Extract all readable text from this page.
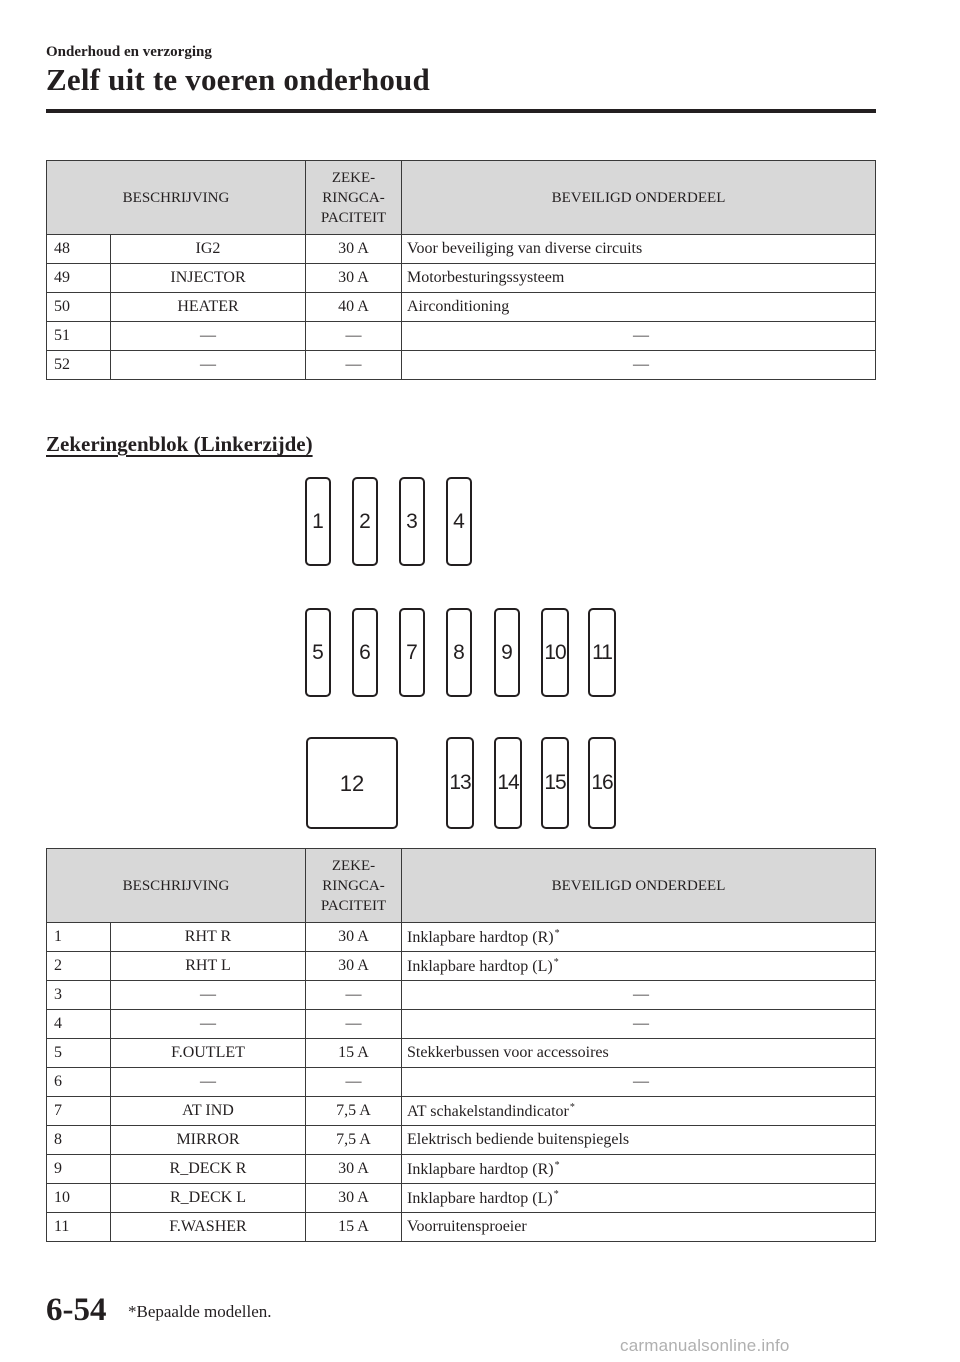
Onderhoud en verzorging
Zelf uit te voeren onderhoud
BESCHRIJVING		ZEKE-
RINGCA-
PACITEIT	BEVEILIGD ONDERDEEL
48	IG2	30 A	Voor beveiliging van diverse circuits
49	INJECTOR	30 A	Motorbesturingssysteem
50	HEATER	40 A	Airconditioning
51	—	—	—
52	—	—	—
Zekeringenblok (Linkerzijde)
1 2 3 4
5 6 7 8 9 10 11
12	13 14 15 16
BESCHRIJVING		ZEKE-
RINGCA-
PACITEIT	BEVEILIGD ONDERDEEL
1	RHT R	30 A	Inklapbare hardtop (R)*
2	RHT L	30 A	Inklapbare hardtop (L)*
3	—	—	—
4	—	—	—
5	F.OUTLET	15 A	Stekkerbussen voor accessoires
6	—	—	—
7	AT IND	7,5 A	AT schakelstandindicator*
8	MIRROR	7,5 A	Elektrisch bediende buitenspiegels
9	R_DECK R	30 A	Inklapbare hardtop (R)*
10	R_DECK L	30 A	Inklapbare hardtop (L)*
11	F.WASHER	15 A	Voorruitensproeier
6-54 *Bepaalde modellen.
carmanualsonline.info
